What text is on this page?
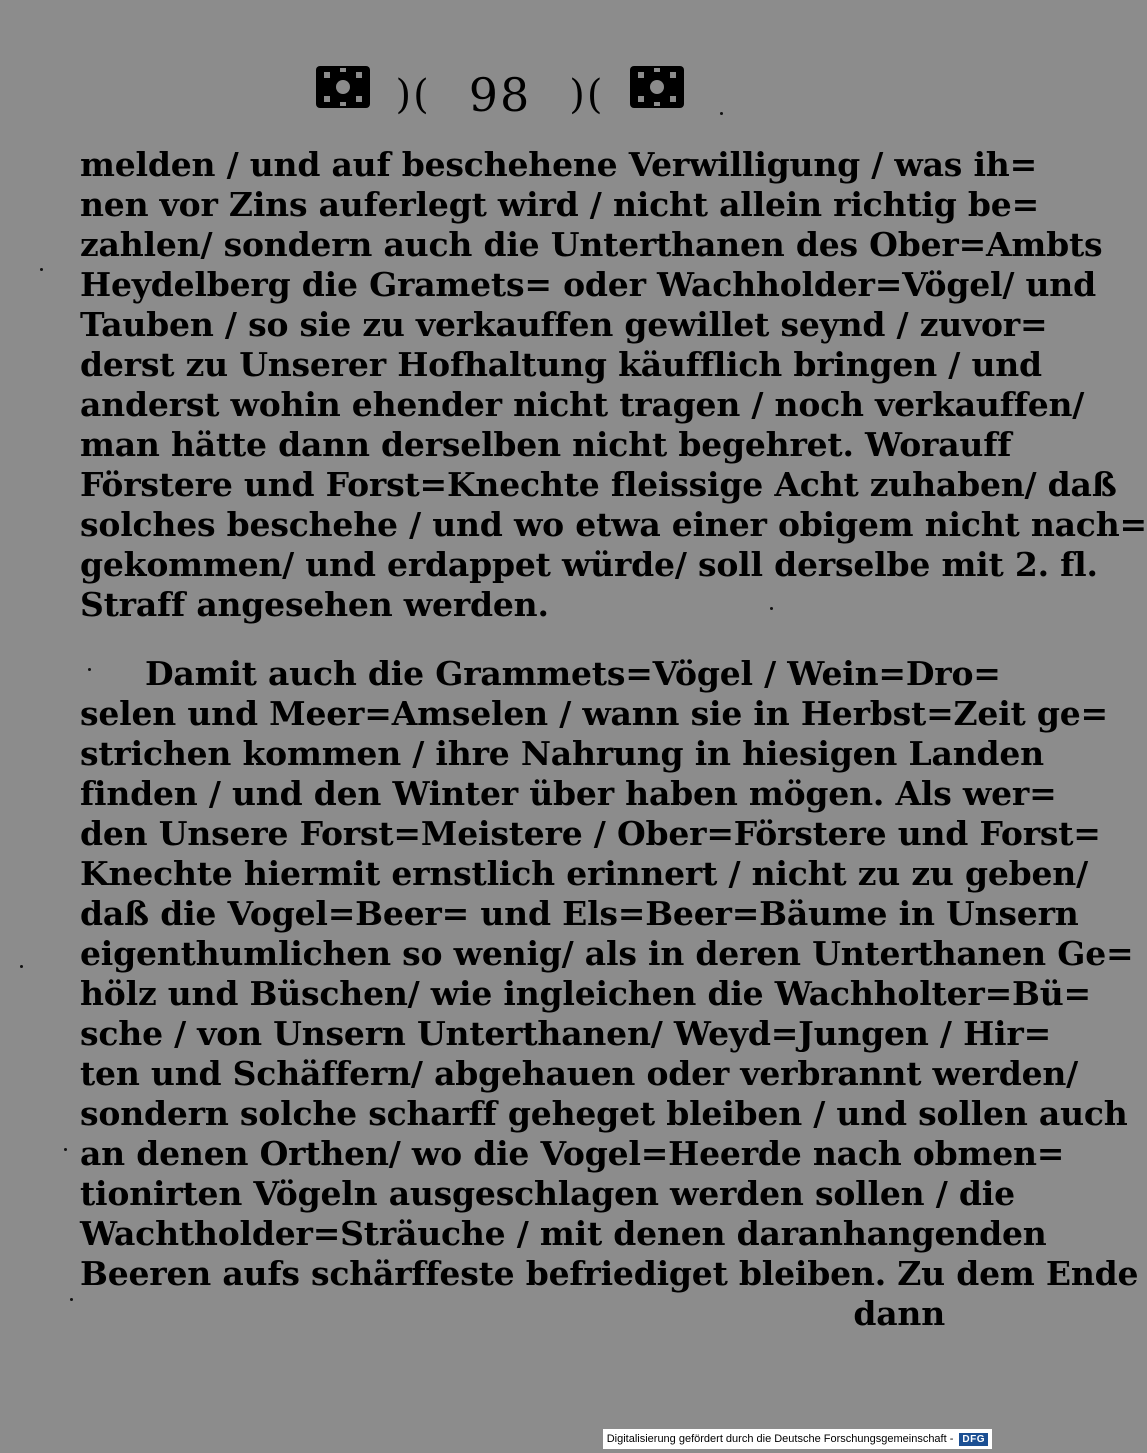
)( 98 )(
melden / und auf beschehene Verwilligung / was ih=
nen vor Zins auferlegt wird / nicht allein richtig be=
zahlen/ sondern auch die Unterthanen des Ober=Ambts
Heydelberg die Gramets= oder Wachholder=Vögel/ und
Tauben / so sie zu verkauffen gewillet seynd / zuvor=
derst zu Unserer Hofhaltung käufflich bringen / und
anderst wohin ehender nicht tragen / noch verkauffen/
man hätte dann derselben nicht begehret. Worauff
Förstere und Forst=Knechte fleissige Acht zuhaben/ daß
solches beschehe / und wo etwa einer obigem nicht nach=
gekommen/ und erdappet würde/ soll derselbe mit 2. fl.
Straff angesehen werden.
Damit auch die Grammets=Vögel / Wein=Dro=
selen und Meer=Amselen / wann sie in Herbst=Zeit ge=
strichen kommen / ihre Nahrung in hiesigen Landen
finden / und den Winter über haben mögen. Als wer=
den Unsere Forst=Meistere / Ober=Förstere und Forst=
Knechte hiermit ernstlich erinnert / nicht zu zu geben/
daß die Vogel=Beer= und Els=Beer=Bäume in Unsern
eigenthumlichen so wenig/ als in deren Unterthanen Ge=
hölz und Büschen/ wie ingleichen die Wachholter=Bü=
sche / von Unsern Unterthanen/ Weyd=Jungen / Hir=
ten und Schäffern/ abgehauen oder verbrannt werden/
sondern solche scharff geheget bleiben / und sollen auch
an denen Orthen/ wo die Vogel=Heerde nach obmen=
tionirten Vögeln ausgeschlagen werden sollen / die
Wachtholder=Sträuche / mit denen daranhangenden
Beeren aufs schärffeste befriediget bleiben. Zu dem Ende
dann
Digitalisierung gefördert durch die Deutsche Forschungsgemeinschaft - DFG
